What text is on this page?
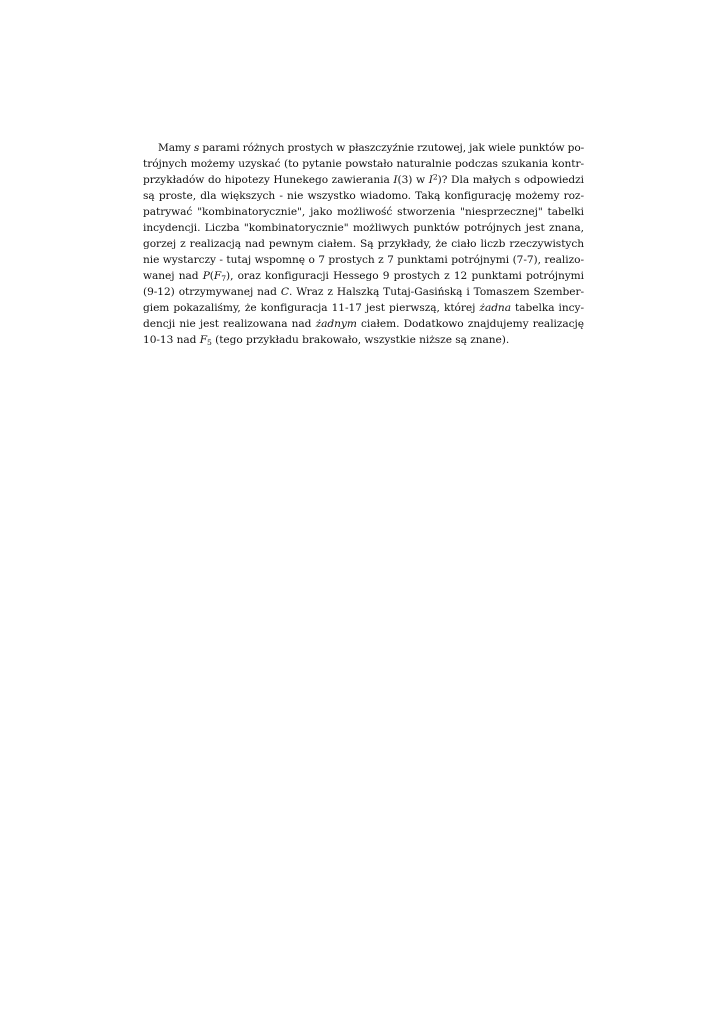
Mamy s parami różnych prostych w płaszczyźnie rzutowej, jak wiele punktów po-
trójnych możemy uzyskać (to pytanie powstało naturalnie podczas szukania kontr-
przykładów do hipotezy Hunekego zawierania I(3) w $I^2$)? Dla małych s odpowiedzi
są proste, dla większych - nie wszystko wiadomo. Taką konfigurację możemy roz-
patrywać "kombinatorycznie", jako możliwość stworzenia "niesprzecznej" tabelki
incydencji. Liczba "kombinatorycznie" możliwych punktów potrójnych jest znana,
gorzej z realizacją nad pewnym ciałem. Są przykłady, że ciało liczb rzeczywistych
nie wystarczy - tutaj wspomnę o 7 prostych z 7 punktami potrójnymi (7-7), realizo-
wanej nad $P(F_7)$, oraz konfiguracji Hessego 9 prostych z 12 punktami potrójnymi
(9-12) otrzymywanej nad C. Wraz z Halszką Tutaj-Gasińską i Tomaszem Szember-
giem pokazaliśmy, że konfiguracja 11-17 jest pierwszą, której żadna tabelka incy-
dencji nie jest realizowana nad żadnym ciałem. Dodatkowo znajdujemy realizację
10-13 nad $F_5$ (tego przykładu brakowało, wszystkie niższe są znane).
